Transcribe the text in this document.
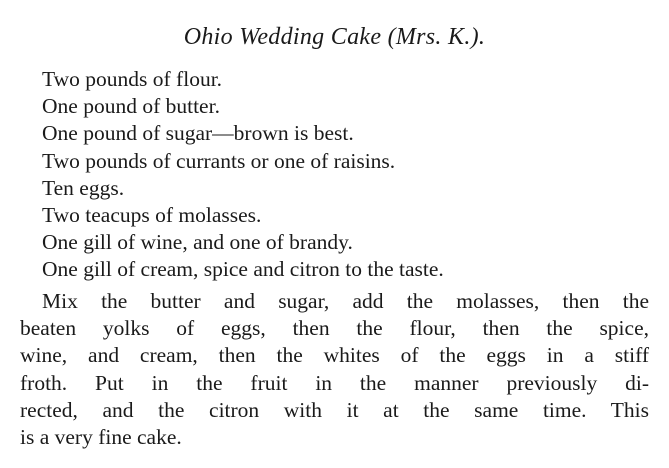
Ohio Wedding Cake (Mrs. K.).
Two pounds of flour.
One pound of butter.
One pound of sugar—brown is best.
Two pounds of currants or one of raisins.
Ten eggs.
Two teacups of molasses.
One gill of wine, and one of brandy.
One gill of cream, spice and citron to the taste.
Mix the butter and sugar, add the molasses, then the
beaten yolks of eggs, then the flour, then the spice,
wine, and cream, then the whites of the eggs in a stiff
froth. Put in the fruit in the manner previously di-
rected, and the citron with it at the same time. This
is a very fine cake.
